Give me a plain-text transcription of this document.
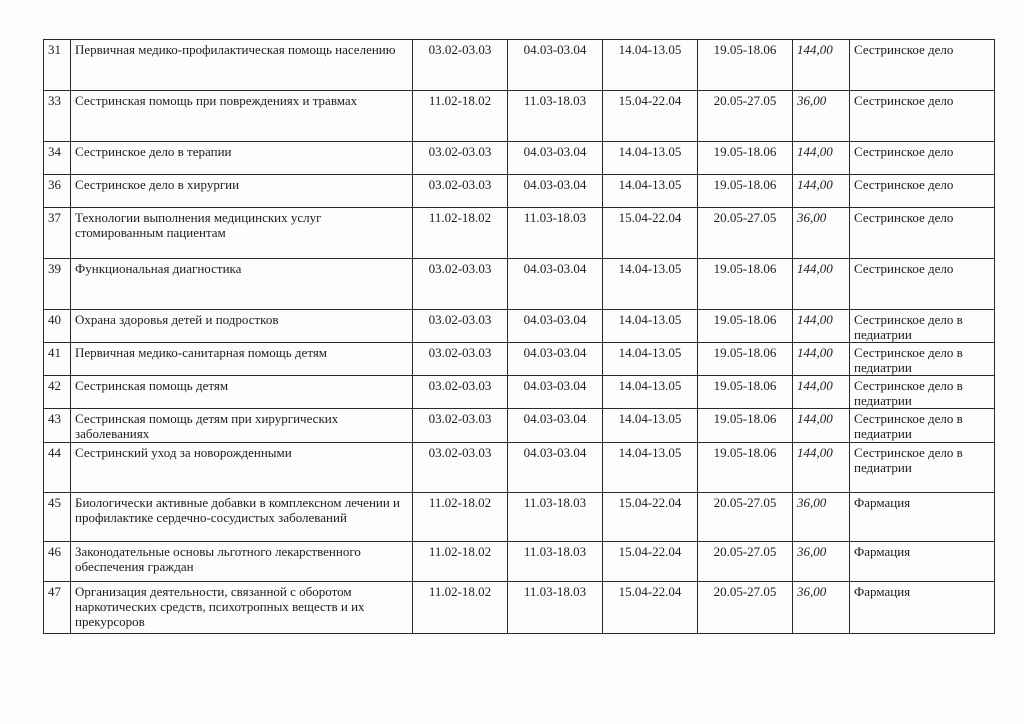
31	Первичная медико-профилактическая помощь населению	03.02-03.03	04.03-03.04	14.04-13.05	19.05-18.06	144,00	Сестринское дело
33	Сестринская помощь при повреждениях и травмах	11.02-18.02	11.03-18.03	15.04-22.04	20.05-27.05	36,00	Сестринское дело
34	Сестринское дело в терапии	03.02-03.03	04.03-03.04	14.04-13.05	19.05-18.06	144,00	Сестринское дело
36	Сестринское дело в хирургии	03.02-03.03	04.03-03.04	14.04-13.05	19.05-18.06	144,00	Сестринское дело
37	Технологии выполнения медицинских услуг стомированным пациентам	11.02-18.02	11.03-18.03	15.04-22.04	20.05-27.05	36,00	Сестринское дело
39	Функциональная диагностика	03.02-03.03	04.03-03.04	14.04-13.05	19.05-18.06	144,00	Сестринское дело
40	Охрана здоровья детей и подростков	03.02-03.03	04.03-03.04	14.04-13.05	19.05-18.06	144,00	Сестринское дело в педиатрии
41	Первичная медико-санитарная помощь детям	03.02-03.03	04.03-03.04	14.04-13.05	19.05-18.06	144,00	Сестринское дело в педиатрии
42	Сестринская помощь детям	03.02-03.03	04.03-03.04	14.04-13.05	19.05-18.06	144,00	Сестринское дело в педиатрии
43	Сестринская помощь детям при хирургических заболеваниях	03.02-03.03	04.03-03.04	14.04-13.05	19.05-18.06	144,00	Сестринское дело в педиатрии
44	Сестринский уход за новорожденными	03.02-03.03	04.03-03.04	14.04-13.05	19.05-18.06	144,00	Сестринское дело в педиатрии
45	Биологически активные добавки в комплексном лечении и профилактике сердечно-сосудистых заболеваний	11.02-18.02	11.03-18.03	15.04-22.04	20.05-27.05	36,00	Фармация
46	Законодательные основы льготного лекарственного обеспечения граждан	11.02-18.02	11.03-18.03	15.04-22.04	20.05-27.05	36,00	Фармация
47	Организация деятельности, связанной с оборотом наркотических средств, психотропных веществ и их прекурсоров	11.02-18.02	11.03-18.03	15.04-22.04	20.05-27.05	36,00	Фармация
